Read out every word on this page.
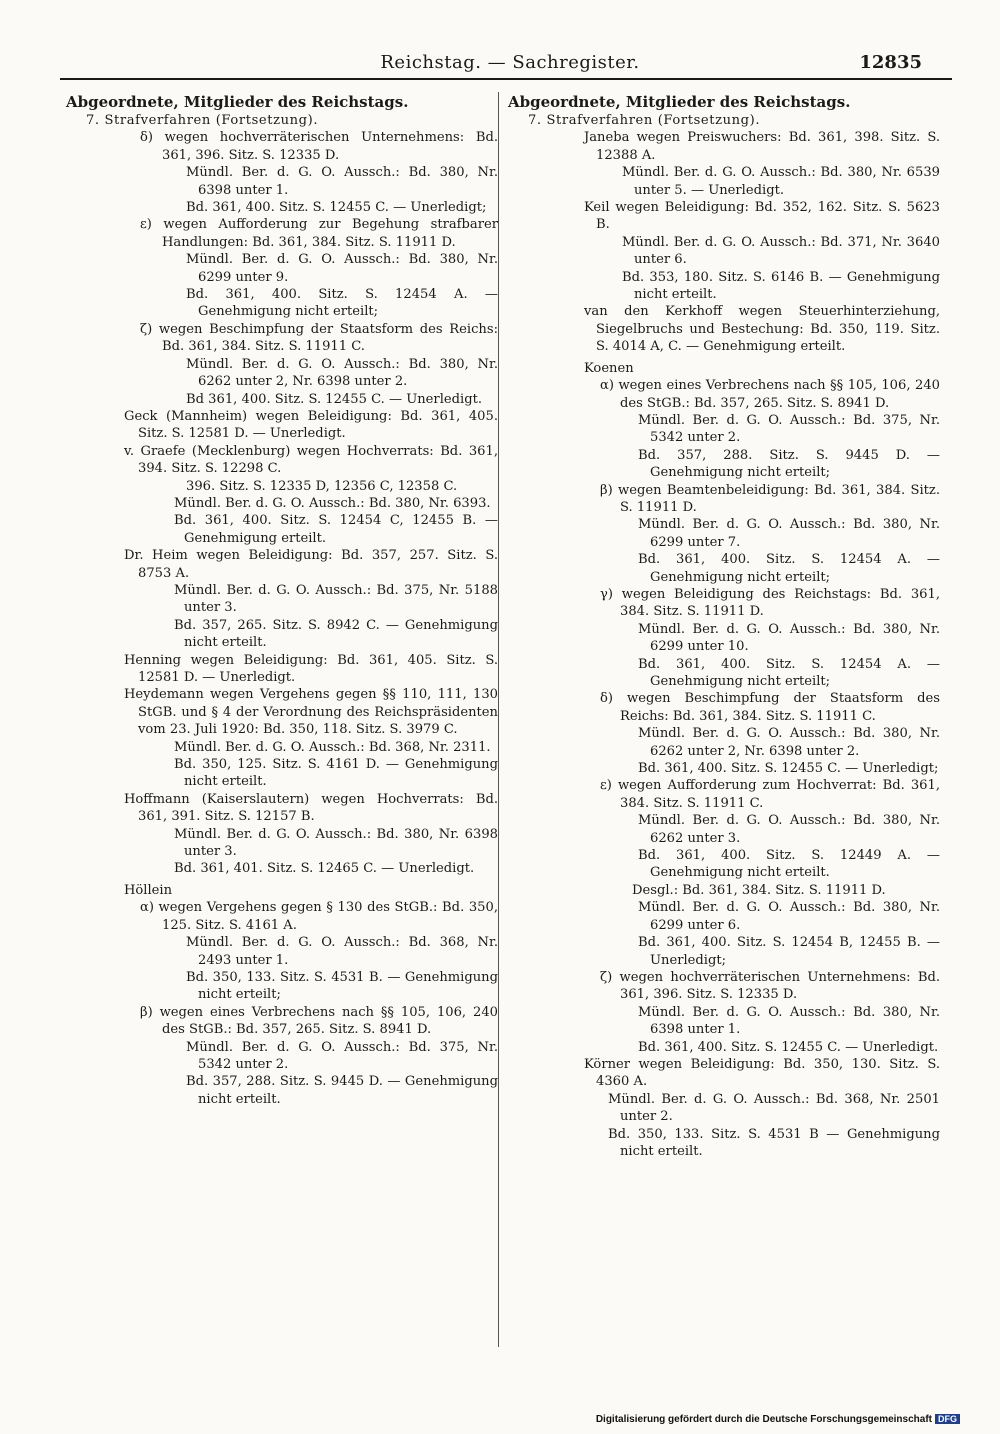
Reichstag. — Sachregister.	12835
Abgeordnete, Mitglieder des Reichstags.
7. Strafverfahren (Fortsetzung).
δ) wegen hochverräterischen Unternehmens: Bd. 361, 396. Sitz. S. 12335 D.
Mündl. Ber. d. G. O. Aussch.: Bd. 380, Nr. 6398 unter 1.
Bd. 361, 400. Sitz. S. 12455 C. — Unerledigt;
ε) wegen Aufforderung zur Begehung strafbarer Handlungen: Bd. 361, 384. Sitz. S. 11911 D.
Mündl. Ber. d. G. O. Aussch.: Bd. 380, Nr. 6299 unter 9.
Bd. 361, 400. Sitz. S. 12454 A. — Genehmigung nicht erteilt;
ζ) wegen Beschimpfung der Staatsform des Reichs: Bd. 361, 384. Sitz. S. 11911 C.
Mündl. Ber. d. G. O. Aussch.: Bd. 380, Nr. 6262 unter 2, Nr. 6398 unter 2.
Bd 361, 400. Sitz. S. 12455 C. — Unerledigt.
Geck (Mannheim) wegen Beleidigung: Bd. 361, 405. Sitz. S. 12581 D. — Unerledigt.
v. Graefe (Mecklenburg) wegen Hochverrats: Bd. 361, 394. Sitz. S. 12298 C.
396. Sitz. S. 12335 D, 12356 C, 12358 C.
Mündl. Ber. d. G. O. Aussch.: Bd. 380, Nr. 6393.
Bd. 361, 400. Sitz. S. 12454 C, 12455 B. — Genehmigung erteilt.
Dr. Heim wegen Beleidigung: Bd. 357, 257. Sitz. S. 8753 A.
Mündl. Ber. d. G. O. Aussch.: Bd. 375, Nr. 5188 unter 3.
Bd. 357, 265. Sitz. S. 8942 C. — Genehmigung nicht erteilt.
Henning wegen Beleidigung: Bd. 361, 405. Sitz. S. 12581 D. — Unerledigt.
Heydemann wegen Vergehens gegen §§ 110, 111, 130 StGB. und § 4 der Verordnung des Reichspräsidenten vom 23. Juli 1920: Bd. 350, 118. Sitz. S. 3979 C.
Mündl. Ber. d. G. O. Aussch.: Bd. 368, Nr. 2311.
Bd. 350, 125. Sitz. S. 4161 D. — Genehmigung nicht erteilt.
Hoffmann (Kaiserslautern) wegen Hochverrats: Bd. 361, 391. Sitz. S. 12157 B.
Mündl. Ber. d. G. O. Aussch.: Bd. 380, Nr. 6398 unter 3.
Bd. 361, 401. Sitz. S. 12465 C. — Unerledigt.
Höllein
α) wegen Vergehens gegen § 130 des StGB.: Bd. 350, 125. Sitz. S. 4161 A.
Mündl. Ber. d. G. O. Aussch.: Bd. 368, Nr. 2493 unter 1.
Bd. 350, 133. Sitz. S. 4531 B. — Genehmigung nicht erteilt;
β) wegen eines Verbrechens nach §§ 105, 106, 240 des StGB.: Bd. 357, 265. Sitz. S. 8941 D.
Mündl. Ber. d. G. O. Aussch.: Bd. 375, Nr. 5342 unter 2.
Bd. 357, 288. Sitz. S. 9445 D. — Genehmigung nicht erteilt.
Abgeordnete, Mitglieder des Reichstags.
7. Strafverfahren (Fortsetzung).
Janeba wegen Preiswuchers: Bd. 361, 398. Sitz. S. 12388 A.
Mündl. Ber. d. G. O. Aussch.: Bd. 380, Nr. 6539 unter 5. — Unerledigt.
Keil wegen Beleidigung: Bd. 352, 162. Sitz. S. 5623 B.
Mündl. Ber. d. G. O. Aussch.: Bd. 371, Nr. 3640 unter 6.
Bd. 353, 180. Sitz. S. 6146 B. — Genehmigung nicht erteilt.
van den Kerkhoff wegen Steuerhinterziehung, Siegelbruchs und Bestechung: Bd. 350, 119. Sitz. S. 4014 A, C. — Genehmigung erteilt.
Koenen
α) wegen eines Verbrechens nach §§ 105, 106, 240 des StGB.: Bd. 357, 265. Sitz. S. 8941 D.
Mündl. Ber. d. G. O. Aussch.: Bd. 375, Nr. 5342 unter 2.
Bd. 357, 288. Sitz. S. 9445 D. — Genehmigung nicht erteilt;
β) wegen Beamtenbeleidigung: Bd. 361, 384. Sitz. S. 11911 D.
Mündl. Ber. d. G. O. Aussch.: Bd. 380, Nr. 6299 unter 7.
Bd. 361, 400. Sitz. S. 12454 A. — Genehmigung nicht erteilt;
γ) wegen Beleidigung des Reichstags: Bd. 361, 384. Sitz. S. 11911 D.
Mündl. Ber. d. G. O. Aussch.: Bd. 380, Nr. 6299 unter 10.
Bd. 361, 400. Sitz. S. 12454 A. — Genehmigung nicht erteilt;
δ) wegen Beschimpfung der Staatsform des Reichs: Bd. 361, 384. Sitz. S. 11911 C.
Mündl. Ber. d. G. O. Aussch.: Bd. 380, Nr. 6262 unter 2, Nr. 6398 unter 2.
Bd. 361, 400. Sitz. S. 12455 C. — Unerledigt;
ε) wegen Aufforderung zum Hochverrat: Bd. 361, 384. Sitz. S. 11911 C.
Mündl. Ber. d. G. O. Aussch.: Bd. 380, Nr. 6262 unter 3.
Bd. 361, 400. Sitz. S. 12449 A. — Genehmigung nicht erteilt.
Desgl.: Bd. 361, 384. Sitz. S. 11911 D.
Mündl. Ber. d. G. O. Aussch.: Bd. 380, Nr. 6299 unter 6.
Bd. 361, 400. Sitz. S. 12454 B, 12455 B. — Unerledigt;
ζ) wegen hochverräterischen Unternehmens: Bd. 361, 396. Sitz. S. 12335 D.
Mündl. Ber. d. G. O. Aussch.: Bd. 380, Nr. 6398 unter 1.
Bd. 361, 400. Sitz. S. 12455 C. — Unerledigt.
Körner wegen Beleidigung: Bd. 350, 130. Sitz. S. 4360 A.
Mündl. Ber. d. G. O. Aussch.: Bd. 368, Nr. 2501 unter 2.
Bd. 350, 133. Sitz. S. 4531 B — Genehmigung nicht erteilt.
Digitalisierung gefördert durch die Deutsche Forschungsgemeinschaft DFG
